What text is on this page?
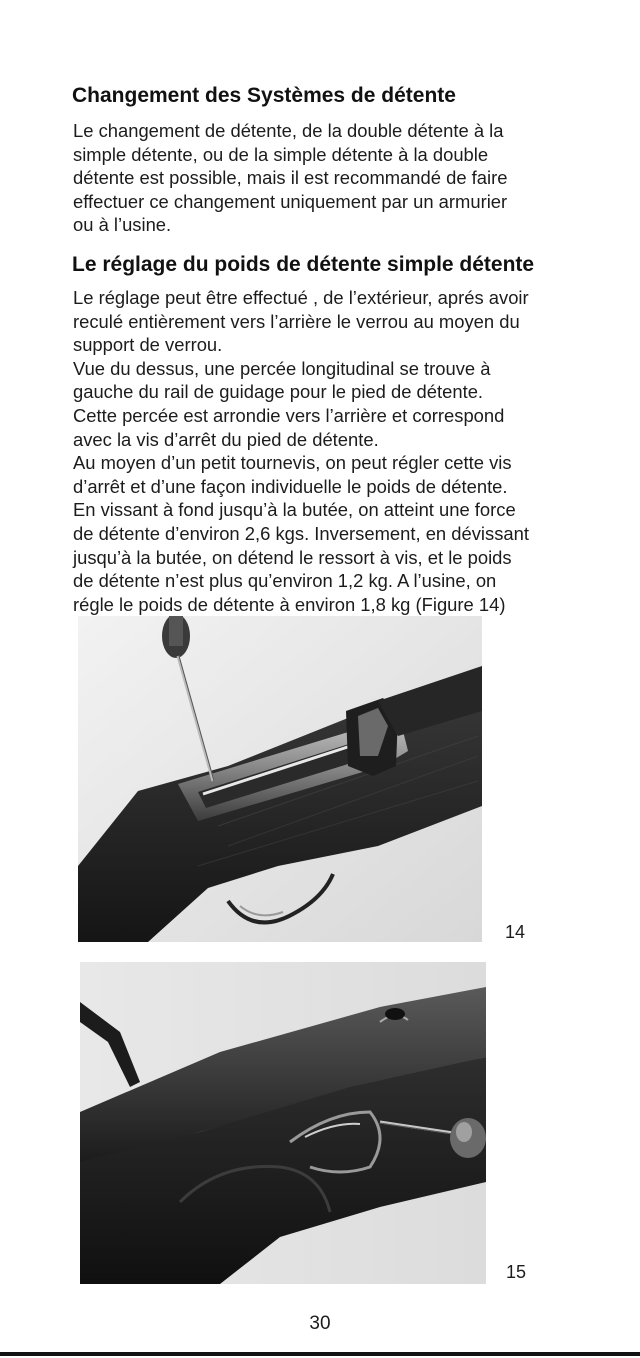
Changement des Systèmes de détente
Le changement de détente, de la double détente à la
simple détente, ou de la simple détente à la double
détente est possible, mais il est recommandé de faire
effectuer ce changement uniquement par un armurier
ou à l’usine.
Le réglage du poids de détente simple détente
Le réglage peut être effectué , de l’extérieur, aprés avoir
reculé entièrement vers l’arrière le verrou au moyen du
support de verrou.
Vue du dessus, une percée longitudinal se trouve à
gauche du rail de guidage pour le pied de détente.
Cette percée est arrondie vers l’arrière et correspond
avec la vis d’arrêt du pied de détente.
Au moyen d’un petit tournevis, on peut régler cette vis
d’arrêt et d’une façon individuelle le poids de détente.
En vissant à fond jusqu’à la butée, on atteint une force
de détente d’environ 2,6 kgs. Inversement, en dévissant
jusqu’à la butée, on détend le ressort à vis, et le poids
de détente n’est plus qu’environ 1,2 kg. A l’usine, on
régle le poids de détente à environ 1,8 kg (Figure 14)
14
15
30
